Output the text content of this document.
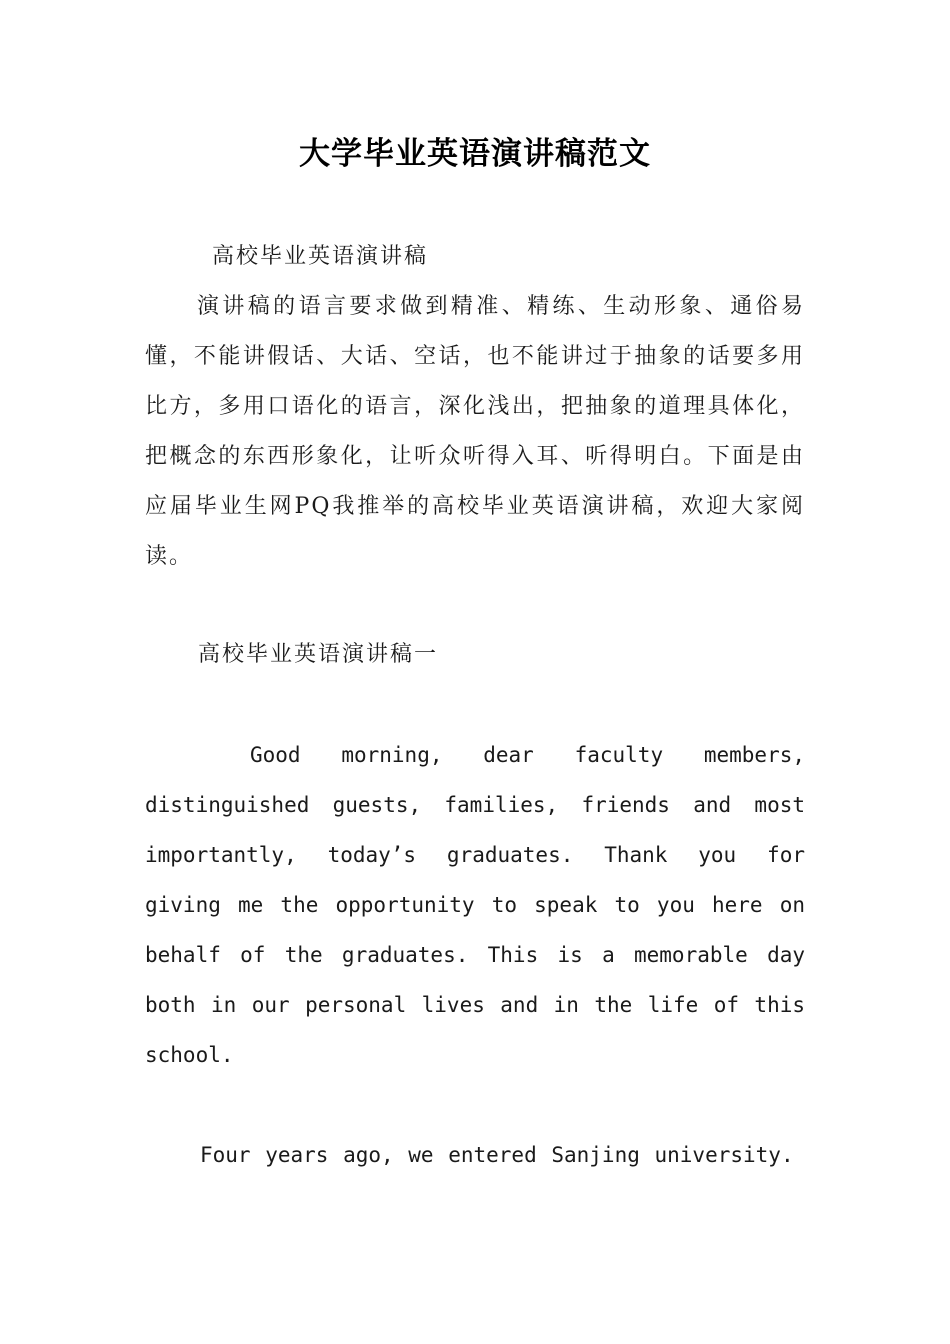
大学毕业英语演讲稿范文

高校毕业英语演讲稿

演讲稿的语言要求做到精准、精练、生动形象、通俗易懂，不能讲假话、大话、空话，也不能讲过于抽象的话要多用比方，多用口语化的语言，深化浅出，把抽象的道理具体化，把概念的东西形象化，让听众听得入耳、听得明白。下面是由应届毕业生网PQ我推举的高校毕业英语演讲稿，欢迎大家阅读。

高校毕业英语演讲稿一

Good morning, dear faculty members, distinguished guests, families, friends and most importantly, today’s graduates. Thank you for giving me the opportunity to speak to you here on behalf of the graduates. This is a memorable day both in our personal lives and in the life of this school.

Four years ago, we entered Sanjing university.
